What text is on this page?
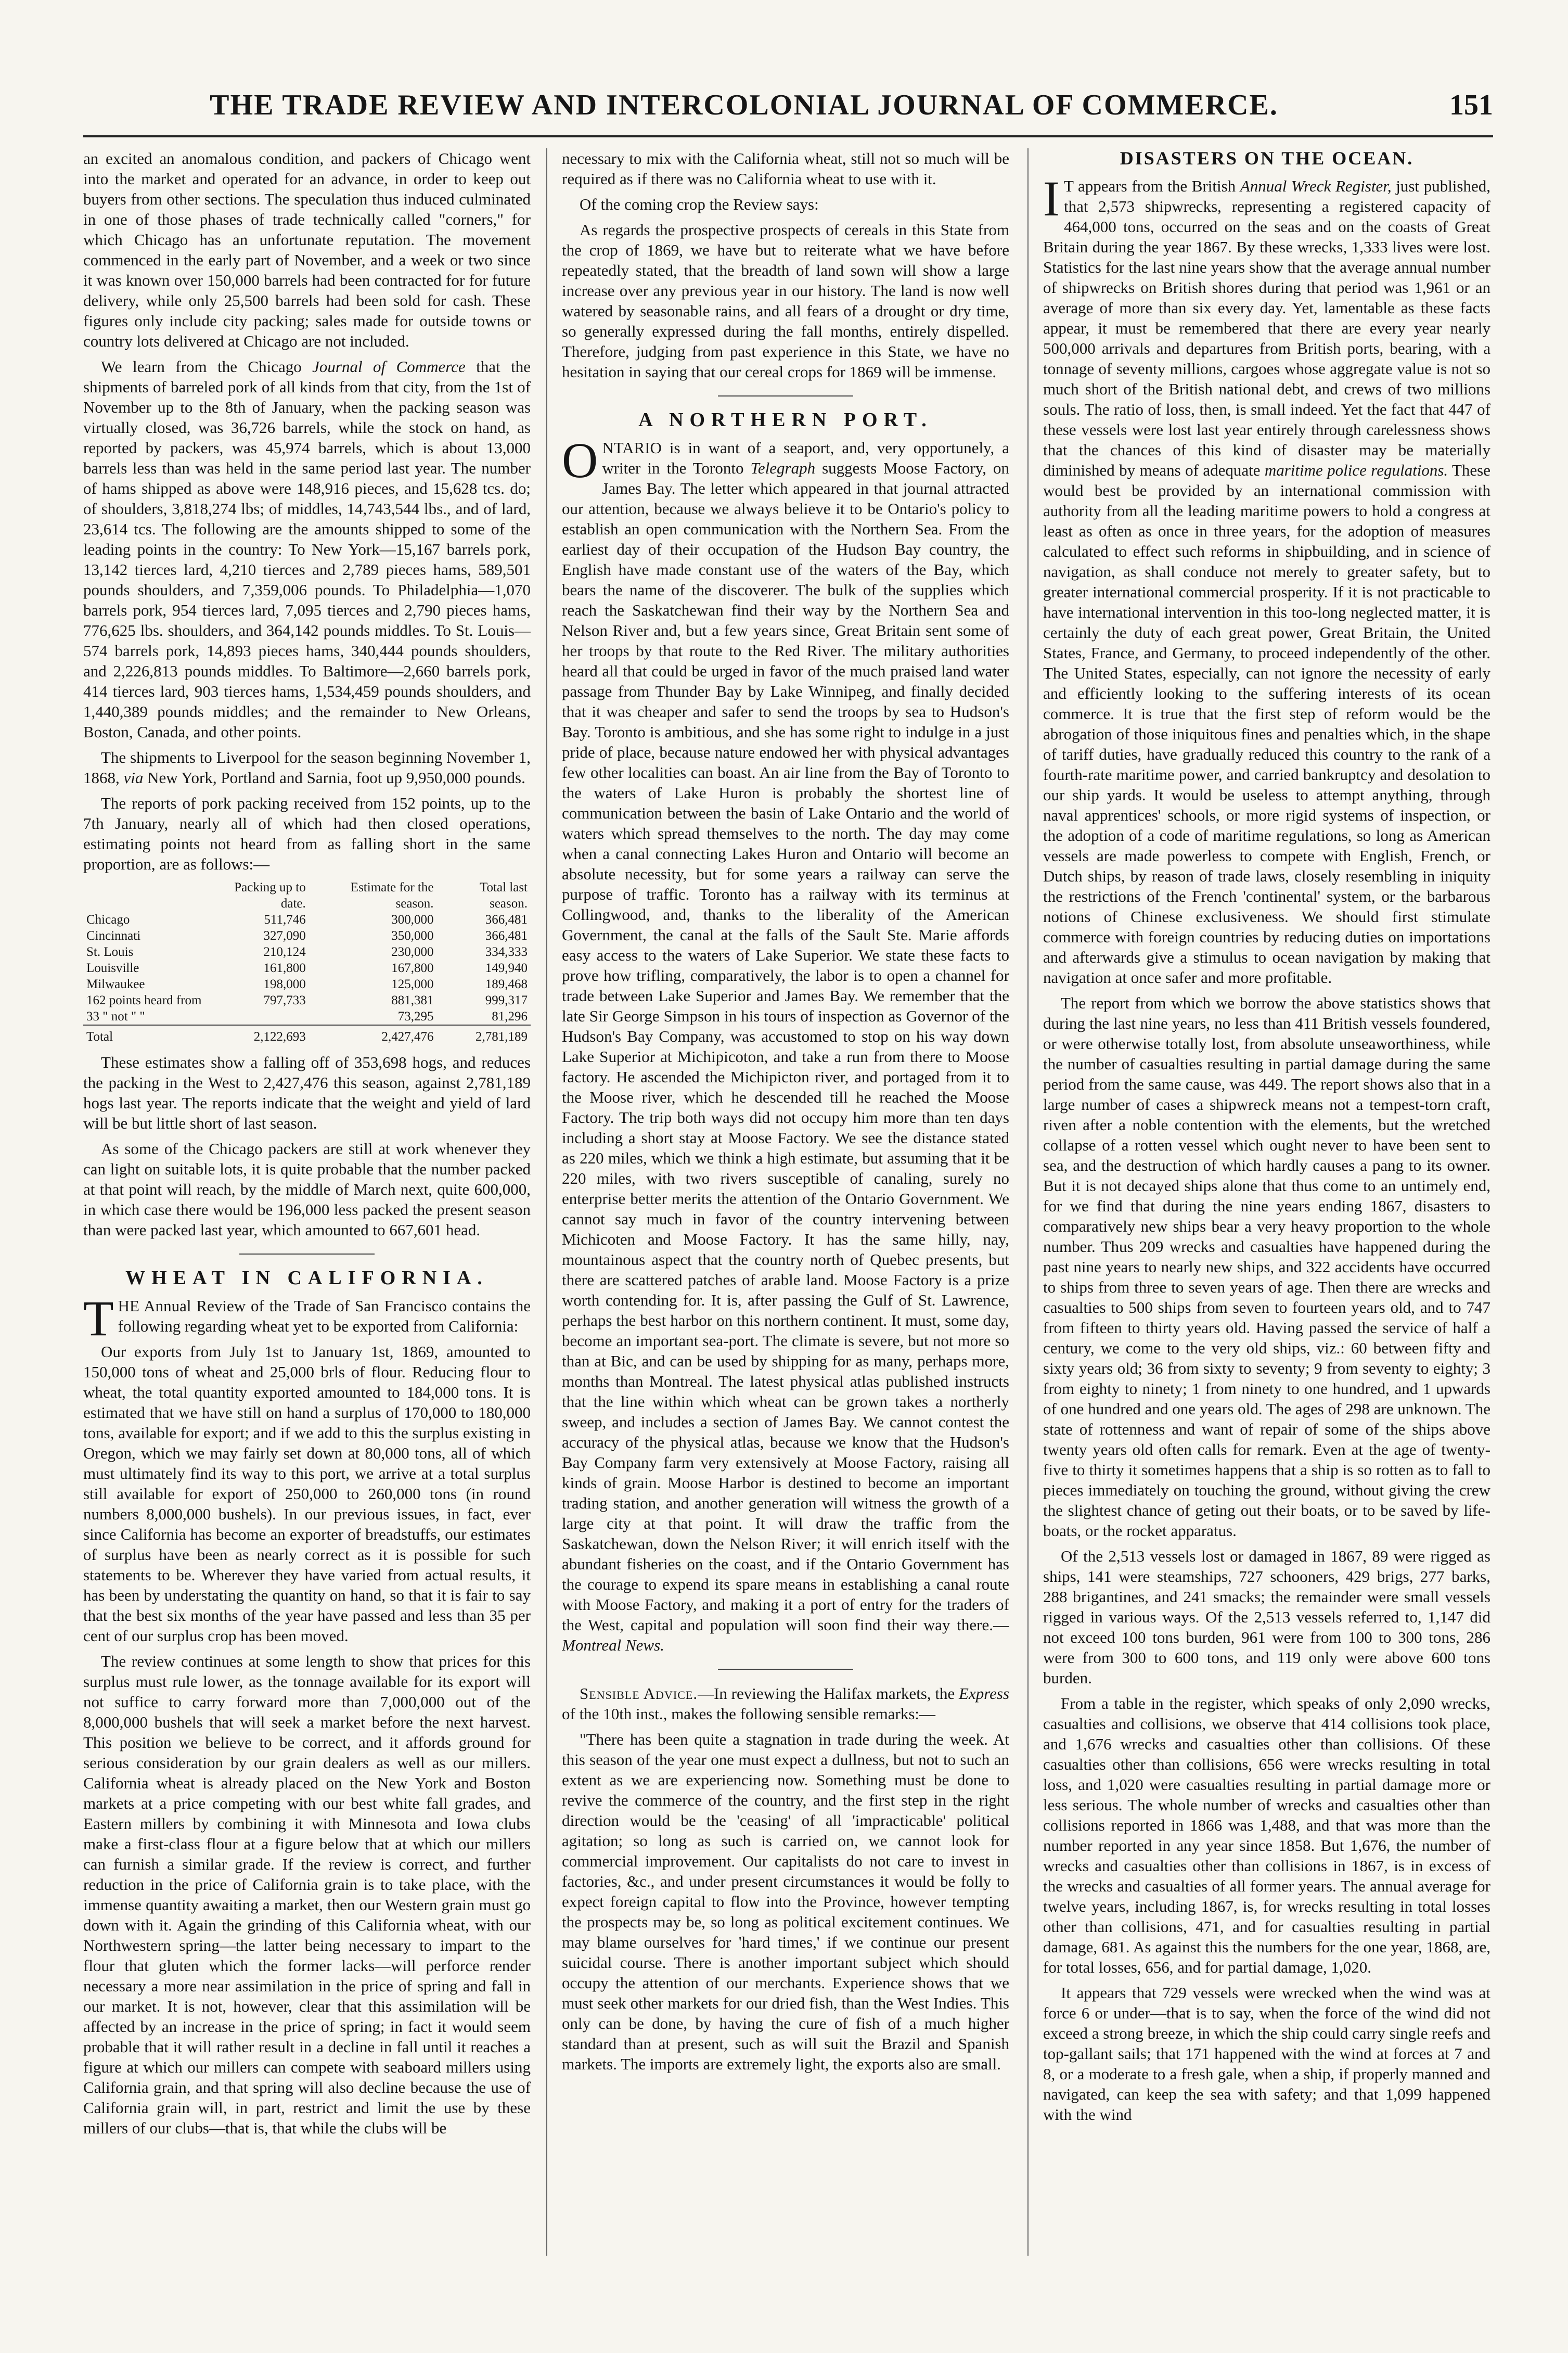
THE TRADE REVIEW AND INTERCOLONIAL JOURNAL OF COMMERCE.	151

an excited an anomalous condition, and packers of Chicago went into the market and operated for an advance, in order to keep out buyers from other sections. The speculation thus induced culminated in one of those phases of trade technically called "corners," for which Chicago has an unfortunate reputation. The movement commenced in the early part of November, and a week or two since it was known over 150,000 barrels had been contracted for for future delivery, while only 25,500 barrels had been sold for cash. These figures only include city packing; sales made for outside towns or country lots delivered at Chicago are not included.

We learn from the Chicago Journal of Commerce that the shipments of barreled pork of all kinds from that city, from the 1st of November up to the 8th of January, when the packing season was virtually closed, was 36,726 barrels, while the stock on hand, as reported by packers, was 45,974 barrels, which is about 13,000 barrels less than was held in the same period last year. The number of hams shipped as above were 148,916 pieces, and 15,628 tcs. do; of shoulders, 3,818,274 lbs; of middles, 14,743,544 lbs., and of lard, 23,614 tcs. The following are the amounts shipped to some of the leading points in the country: To New York—15,167 barrels pork, 13,142 tierces lard, 4,210 tierces and 2,789 pieces hams, 589,501 pounds shoulders, and 7,359,006 pounds. To Philadelphia—1,070 barrels pork, 954 tierces lard, 7,095 tierces and 2,790 pieces hams, 776,625 lbs. shoulders, and 364,142 pounds middles. To St. Louis—574 barrels pork, 14,893 pieces hams, 340,444 pounds shoulders, and 2,226,813 pounds middles. To Baltimore—2,660 barrels pork, 414 tierces lard, 903 tierces hams, 1,534,459 pounds shoulders, and 1,440,389 pounds middles; and the remainder to New Orleans, Boston, Canada, and other points.

The shipments to Liverpool for the season beginning November 1, 1868, via New York, Portland and Sarnia, foot up 9,950,000 pounds.

The reports of pork packing received from 152 points, up to the 7th January, nearly all of which had then closed operations, estimating points not heard from as falling short in the same proportion, are as follows:—

	Packing up to date.	Estimate for the season.	Total last season.
Chicago	511,746	300,000	366,481
Cincinnati	327,090	350,000	366,481
St. Louis	210,124	230,000	334,333
Louisville	161,800	167,800	149,940
Milwaukee	198,000	125,000	189,468
162 points heard from	797,733	881,381	999,317
33 " not " "		73,295	81,296
Total	2,122,693	2,427,476	2,781,189

These estimates show a falling off of 353,698 hogs, and reduces the packing in the West to 2,427,476 this season, against 2,781,189 hogs last year. The reports indicate that the weight and yield of lard will be but little short of last season.

As some of the Chicago packers are still at work whenever they can light on suitable lots, it is quite probable that the number packed at that point will reach, by the middle of March next, quite 600,000, in which case there would be 196,000 less packed the present season than were packed last year, which amounted to 667,601 head.

WHEAT IN CALIFORNIA.

THE Annual Review of the Trade of San Francisco contains the following regarding wheat yet to be exported from California:

Our exports from July 1st to January 1st, 1869, amounted to 150,000 tons of wheat and 25,000 brls of flour. Reducing flour to wheat, the total quantity exported amounted to 184,000 tons. It is estimated that we have still on hand a surplus of 170,000 to 180,000 tons, available for export; and if we add to this the surplus existing in Oregon, which we may fairly set down at 80,000 tons, all of which must ultimately find its way to this port, we arrive at a total surplus still available for export of 250,000 to 260,000 tons (in round numbers 8,000,000 bushels). In our previous issues, in fact, ever since California has become an exporter of breadstuffs, our estimates of surplus have been as nearly correct as it is possible for such statements to be. Wherever they have varied from actual results, it has been by understating the quantity on hand, so that it is fair to say that the best six months of the year have passed and less than 35 per cent of our surplus crop has been moved.

The review continues at some length to show that prices for this surplus must rule lower, as the tonnage available for its export will not suffice to carry forward more than 7,000,000 out of the 8,000,000 bushels that will seek a market before the next harvest. This position we believe to be correct, and it affords ground for serious consideration by our grain dealers as well as our millers. California wheat is already placed on the New York and Boston markets at a price competing with our best white fall grades, and Eastern millers by combining it with Minnesota and Iowa clubs make a first-class flour at a figure below that at which our millers can furnish a similar grade. If the review is correct, and further reduction in the price of California grain is to take place, with the immense quantity awaiting a market, then our Western grain must go down with it. Again the grinding of this California wheat, with our Northwestern spring—the latter being necessary to impart to the flour that gluten which the former lacks—will perforce render necessary a more near assimilation in the price of spring and fall in our market. It is not, however, clear that this assimilation will be affected by an increase in the price of spring; in fact it would seem probable that it will rather result in a decline in fall until it reaches a figure at which our millers can compete with seaboard millers using California grain, and that spring will also decline because the use of California grain will, in part, restrict and limit the use by these millers of our clubs—that is, that while the clubs will be

necessary to mix with the California wheat, still not so much will be required as if there was no California wheat to use with it.

Of the coming crop the Review says:

As regards the prospective prospects of cereals in this State from the crop of 1869, we have but to reiterate what we have before repeatedly stated, that the breadth of land sown will show a large increase over any previous year in our history. The land is now well watered by seasonable rains, and all fears of a drought or dry time, so generally expressed during the fall months, entirely dispelled. Therefore, judging from past experience in this State, we have no hesitation in saying that our cereal crops for 1869 will be immense.

A NORTHERN PORT.

ONTARIO is in want of a seaport, and, very opportunely, a writer in the Toronto Telegraph suggests Moose Factory, on James Bay. The letter which appeared in that journal attracted our attention, because we always believe it to be Ontario's policy to establish an open communication with the Northern Sea. From the earliest day of their occupation of the Hudson Bay country, the English have made constant use of the waters of the Bay, which bears the name of the discoverer. The bulk of the supplies which reach the Saskatchewan find their way by the Northern Sea and Nelson River and, but a few years since, Great Britain sent some of her troops by that route to the Red River. The military authorities heard all that could be urged in favor of the much praised land water passage from Thunder Bay by Lake Winnipeg, and finally decided that it was cheaper and safer to send the troops by sea to Hudson's Bay. Toronto is ambitious, and she has some right to indulge in a just pride of place, because nature endowed her with physical advantages few other localities can boast. An air line from the Bay of Toronto to the waters of Lake Huron is probably the shortest line of communication between the basin of Lake Ontario and the world of waters which spread themselves to the north. The day may come when a canal connecting Lakes Huron and Ontario will become an absolute necessity, but for some years a railway can serve the purpose of traffic. Toronto has a railway with its terminus at Collingwood, and, thanks to the liberality of the American Government, the canal at the falls of the Sault Ste. Marie affords easy access to the waters of Lake Superior. We state these facts to prove how trifling, comparatively, the labor is to open a channel for trade between Lake Superior and James Bay. We remember that the late Sir George Simpson in his tours of inspection as Governor of the Hudson's Bay Company, was accustomed to stop on his way down Lake Superior at Michipicoton, and take a run from there to Moose factory. He ascended the Michipicton river, and portaged from it to the Moose river, which he descended till he reached the Moose Factory. The trip both ways did not occupy him more than ten days including a short stay at Moose Factory. We see the distance stated as 220 miles, which we think a high estimate, but assuming that it be 220 miles, with two rivers susceptible of canaling, surely no enterprise better merits the attention of the Ontario Government. We cannot say much in favor of the country intervening between Michicoten and Moose Factory. It has the same hilly, nay, mountainous aspect that the country north of Quebec presents, but there are scattered patches of arable land. Moose Factory is a prize worth contending for. It is, after passing the Gulf of St. Lawrence, perhaps the best harbor on this northern continent. It must, some day, become an important sea-port. The climate is severe, but not more so than at Bic, and can be used by shipping for as many, perhaps more, months than Montreal. The latest physical atlas published instructs that the line within which wheat can be grown takes a northerly sweep, and includes a section of James Bay. We cannot contest the accuracy of the physical atlas, because we know that the Hudson's Bay Company farm very extensively at Moose Factory, raising all kinds of grain. Moose Harbor is destined to become an important trading station, and another generation will witness the growth of a large city at that point. It will draw the traffic from the Saskatchewan, down the Nelson River; it will enrich itself with the abundant fisheries on the coast, and if the Ontario Government has the courage to expend its spare means in establishing a canal route with Moose Factory, and making it a port of entry for the traders of the West, capital and population will soon find their way there.—Montreal News.

Sensible Advice.—In reviewing the Halifax markets, the Express of the 10th inst., makes the following sensible remarks:—

"There has been quite a stagnation in trade during the week. At this season of the year one must expect a dullness, but not to such an extent as we are experiencing now. Something must be done to revive the commerce of the country, and the first step in the right direction would be the 'ceasing' of all 'impracticable' political agitation; so long as such is carried on, we cannot look for commercial improvement. Our capitalists do not care to invest in factories, &c., and under present circumstances it would be folly to expect foreign capital to flow into the Province, however tempting the prospects may be, so long as political excitement continues. We may blame ourselves for 'hard times,' if we continue our present suicidal course. There is another important subject which should occupy the attention of our merchants. Experience shows that we must seek other markets for our dried fish, than the West Indies. This only can be done, by having the cure of fish of a much higher standard than at present, such as will suit the Brazil and Spanish markets. The imports are extremely light, the exports also are small.

DISASTERS ON THE OCEAN.

I T appears from the British Annual Wreck Register, just published, that 2,573 shipwrecks, representing a registered capacity of 464,000 tons, occurred on the seas and on the coasts of Great Britain during the year 1867. By these wrecks, 1,333 lives were lost. Statistics for the last nine years show that the average annual number of shipwrecks on British shores during that period was 1,961 or an average of more than six every day. Yet, lamentable as these facts appear, it must be remembered that there are every year nearly 500,000 arrivals and departures from British ports, bearing, with a tonnage of seventy millions, cargoes whose aggregate value is not so much short of the British national debt, and crews of two millions souls. The ratio of loss, then, is small indeed. Yet the fact that 447 of these vessels were lost last year entirely through carelessness shows that the chances of this kind of disaster may be materially diminished by means of adequate maritime police regulations. These would best be provided by an international commission with authority from all the leading maritime powers to hold a congress at least as often as once in three years, for the adoption of measures calculated to effect such reforms in shipbuilding, and in science of navigation, as shall conduce not merely to greater safety, but to greater international commercial prosperity. If it is not practicable to have international intervention in this too-long neglected matter, it is certainly the duty of each great power, Great Britain, the United States, France, and Germany, to proceed independently of the other. The United States, especially, can not ignore the necessity of early and efficiently looking to the suffering interests of its ocean commerce. It is true that the first step of reform would be the abrogation of those iniquitous fines and penalties which, in the shape of tariff duties, have gradually reduced this country to the rank of a fourth-rate maritime power, and carried bankruptcy and desolation to our ship yards. It would be useless to attempt anything, through naval apprentices' schools, or more rigid systems of inspection, or the adoption of a code of maritime regulations, so long as American vessels are made powerless to compete with English, French, or Dutch ships, by reason of trade laws, closely resembling in iniquity the restrictions of the French 'continental' system, or the barbarous notions of Chinese exclusiveness. We should first stimulate commerce with foreign countries by reducing duties on importations and afterwards give a stimulus to ocean navigation by making that navigation at once safer and more profitable.

The report from which we borrow the above statistics shows that during the last nine years, no less than 411 British vessels foundered, or were otherwise totally lost, from absolute unseaworthiness, while the number of casualties resulting in partial damage during the same period from the same cause, was 449. The report shows also that in a large number of cases a shipwreck means not a tempest-torn craft, riven after a noble contention with the elements, but the wretched collapse of a rotten vessel which ought never to have been sent to sea, and the destruction of which hardly causes a pang to its owner. But it is not decayed ships alone that thus come to an untimely end, for we find that during the nine years ending 1867, disasters to comparatively new ships bear a very heavy proportion to the whole number. Thus 209 wrecks and casualties have happened during the past nine years to nearly new ships, and 322 accidents have occurred to ships from three to seven years of age. Then there are wrecks and casualties to 500 ships from seven to fourteen years old, and to 747 from fifteen to thirty years old. Having passed the service of half a century, we come to the very old ships, viz.: 60 between fifty and sixty years old; 36 from sixty to seventy; 9 from seventy to eighty; 3 from eighty to ninety; 1 from ninety to one hundred, and 1 upwards of one hundred and one years old. The ages of 298 are unknown. The state of rottenness and want of repair of some of the ships above twenty years old often calls for remark. Even at the age of twenty-five to thirty it sometimes happens that a ship is so rotten as to fall to pieces immediately on touching the ground, without giving the crew the slightest chance of geting out their boats, or to be saved by life-boats, or the rocket apparatus.

Of the 2,513 vessels lost or damaged in 1867, 89 were rigged as ships, 141 were steamships, 727 schooners, 429 brigs, 277 barks, 288 brigantines, and 241 smacks; the remainder were small vessels rigged in various ways. Of the 2,513 vessels referred to, 1,147 did not exceed 100 tons burden, 961 were from 100 to 300 tons, 286 were from 300 to 600 tons, and 119 only were above 600 tons burden.

From a table in the register, which speaks of only 2,090 wrecks, casualties and collisions, we observe that 414 collisions took place, and 1,676 wrecks and casualties other than collisions. Of these casualties other than collisions, 656 were wrecks resulting in total loss, and 1,020 were casualties resulting in partial damage more or less serious. The whole number of wrecks and casualties other than collisions reported in 1866 was 1,488, and that was more than the number reported in any year since 1858. But 1,676, the number of wrecks and casualties other than collisions in 1867, is in excess of the wrecks and casualties of all former years. The annual average for twelve years, including 1867, is, for wrecks resulting in total losses other than collisions, 471, and for casualties resulting in partial damage, 681. As against this the numbers for the one year, 1868, are, for total losses, 656, and for partial damage, 1,020.

It appears that 729 vessels were wrecked when the wind was at force 6 or under—that is to say, when the force of the wind did not exceed a strong breeze, in which the ship could carry single reefs and top-gallant sails; that 171 happened with the wind at forces at 7 and 8, or a moderate to a fresh gale, when a ship, if properly manned and navigated, can keep the sea with safety; and that 1,099 happened with the wind
